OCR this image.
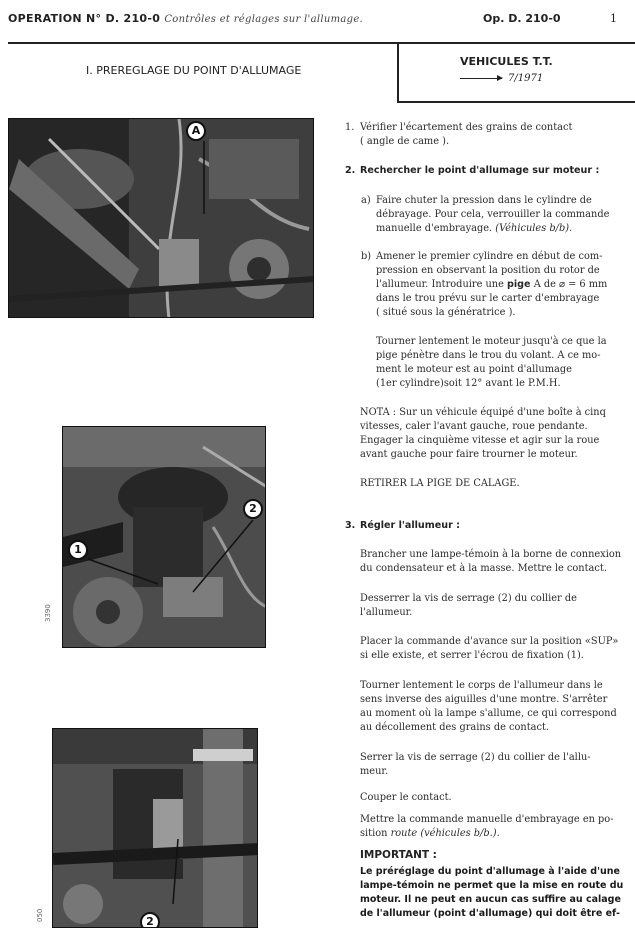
OPERATION N° D. 210-0 Contrôles et réglages sur l'allumage.	Op. D. 210-0	1
VEHICULES T.T.
7/1971
I. PREREGLAGE DU POINT D'ALLUMAGE
A
1
2
3390
2
050
1. Vérifier l'écartement des grains de contact
( angle de came ).
2. Rechercher le point d'allumage sur moteur :
a) Faire chuter la pression dans le cylindre de
débrayage. Pour cela, verrouiller la commande
manuelle d'embrayage. (Véhicules b/b).
b) Amener le premier cylindre en début de com-
pression en observant la position du rotor de
l'allumeur. Introduire une pige A de ⌀ = 6 mm
dans le trou prévu sur le carter d'embrayage
( situé sous la génératrice ).
Tourner lentement le moteur jusqu'à ce que la
pige pénètre dans le trou du volant. A ce mo-
ment le moteur est au point d'allumage
(1er cylindre)soit 12° avant le P.M.H.
NOTA : Sur un véhicule équipé d'une boîte à cinq
vitesses, caler l'avant gauche, roue pendante.
Engager la cinquième vitesse et agir sur la roue
avant gauche pour faire trourner le moteur.
RETIRER LA PIGE DE CALAGE.
3. Régler l'allumeur :
Brancher une lampe-témoin à la borne de connexion
du condensateur et à la masse. Mettre le contact.
Desserrer la vis de serrage (2) du collier de
l'allumeur.
Placer la commande d'avance sur la position «SUP»
si elle existe, et serrer l'écrou de fixation (1).
Tourner lentement le corps de l'allumeur dans le
sens inverse des aiguilles d'une montre. S'arrêter
au moment où la lampe s'allume, ce qui correspond
au décollement des grains de contact.
Serrer la vis de serrage (2) du collier de l'allu-
meur.
Couper le contact.
Mettre la commande manuelle d'embrayage en po-
sition route (véhicules b/b.).
IMPORTANT :
Le préréglage du point d'allumage à l'aide d'une
lampe-témoin ne permet que la mise en route du
moteur. Il ne peut en aucun cas suffire au calage
de l'allumeur (point d'allumage) qui doit être ef-
